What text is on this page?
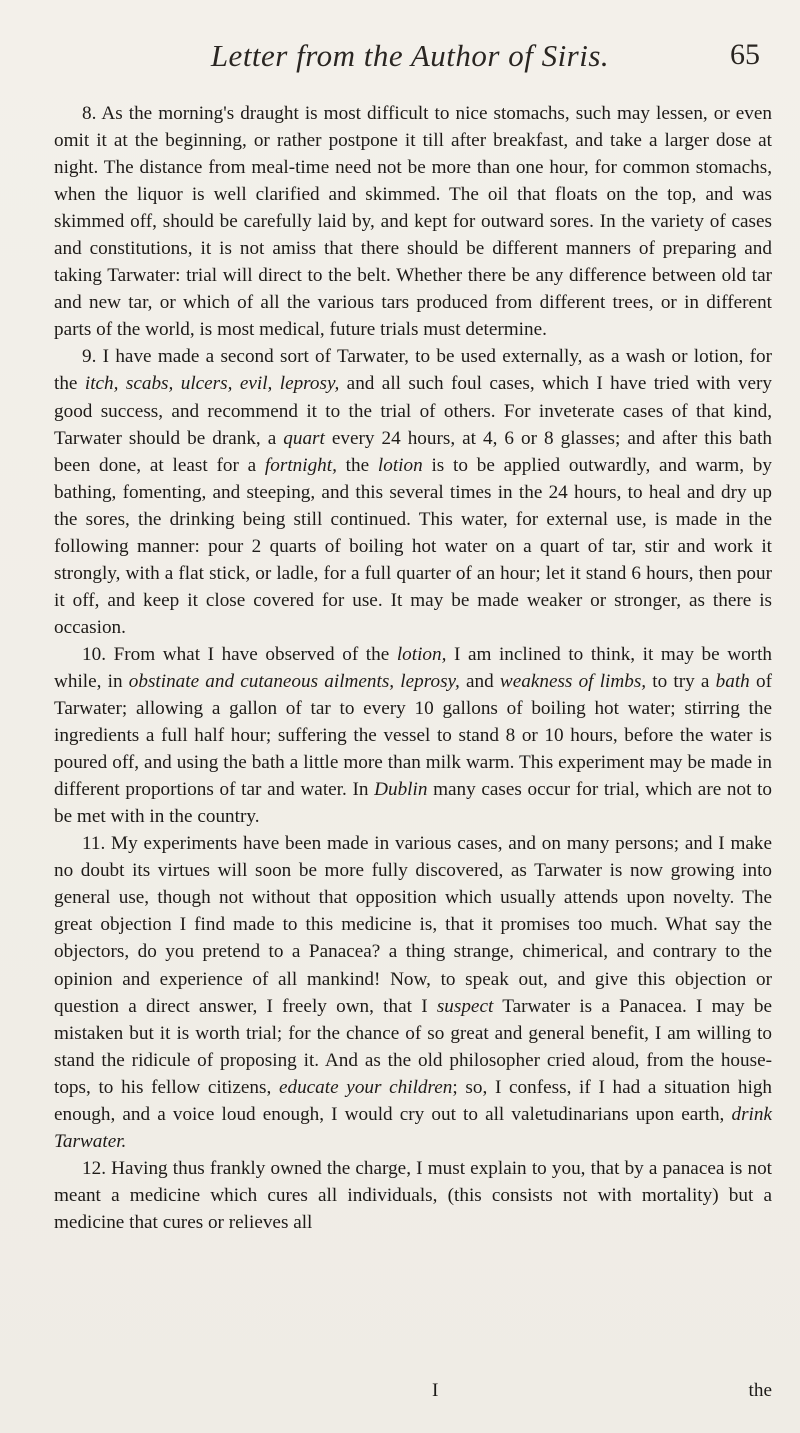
Letter from the Author of Siris.	65

8. As the morning's draught is most difficult to nice stomachs, such may lessen, or even omit it at the beginning, or rather postpone it till after breakfast, and take a larger dose at night. The distance from meal-time need not be more than one hour, for common stomachs, when the liquor is well clarified and skimmed. The oil that floats on the top, and was skimmed off, should be carefully laid by, and kept for outward sores. In the variety of cases and constitutions, it is not amiss that there should be different manners of preparing and taking Tarwater: trial will direct to the belt. Whether there be any difference between old tar and new tar, or which of all the various tars produced from different trees, or in different parts of the world, is most medical, future trials must determine.

9. I have made a second sort of Tarwater, to be used externally, as a wash or lotion, for the itch, scabs, ulcers, evil, leprosy, and all such foul cases, which I have tried with very good success, and recommend it to the trial of others. For inveterate cases of that kind, Tarwater should be drank, a quart every 24 hours, at 4, 6 or 8 glasses; and after this bath been done, at least for a fortnight, the lotion is to be applied outwardly, and warm, by bathing, fomenting, and steeping, and this several times in the 24 hours, to heal and dry up the sores, the drinking being still continued. This water, for external use, is made in the following manner: pour 2 quarts of boiling hot water on a quart of tar, stir and work it strongly, with a flat stick, or ladle, for a full quarter of an hour; let it stand 6 hours, then pour it off, and keep it close covered for use. It may be made weaker or stronger, as there is occasion.

10. From what I have observed of the lotion, I am inclined to think, it may be worth while, in obstinate and cutaneous ailments, leprosy, and weakness of limbs, to try a bath of Tarwater; allowing a gallon of tar to every 10 gallons of boiling hot water; stirring the ingredients a full half hour; suffering the vessel to stand 8 or 10 hours, before the water is poured off, and using the bath a little more than milk warm. This experiment may be made in different proportions of tar and water. In Dublin many cases occur for trial, which are not to be met with in the country.

11. My experiments have been made in various cases, and on many persons; and I make no doubt its virtues will soon be more fully discovered, as Tarwater is now growing into general use, though not without that opposition which usually attends upon novelty. The great objection I find made to this medicine is, that it promises too much. What say the objectors, do you pretend to a Panacea? a thing strange, chimerical, and contrary to the opinion and experience of all mankind! Now, to speak out, and give this objection or question a direct answer, I freely own, that I suspect Tarwater is a Panacea. I may be mistaken but it is worth trial; for the chance of so great and general benefit, I am willing to stand the ridicule of proposing it. And as the old philosopher cried aloud, from the house-tops, to his fellow citizens, educate your children; so, I confess, if I had a situation high enough, and a voice loud enough, I would cry out to all valetudinarians upon earth, drink Tarwater.

12. Having thus frankly owned the charge, I must explain to you, that by a panacea is not meant a medicine which cures all individuals, (this consists not with mortality) but a medicine that cures or relieves all

I	the
